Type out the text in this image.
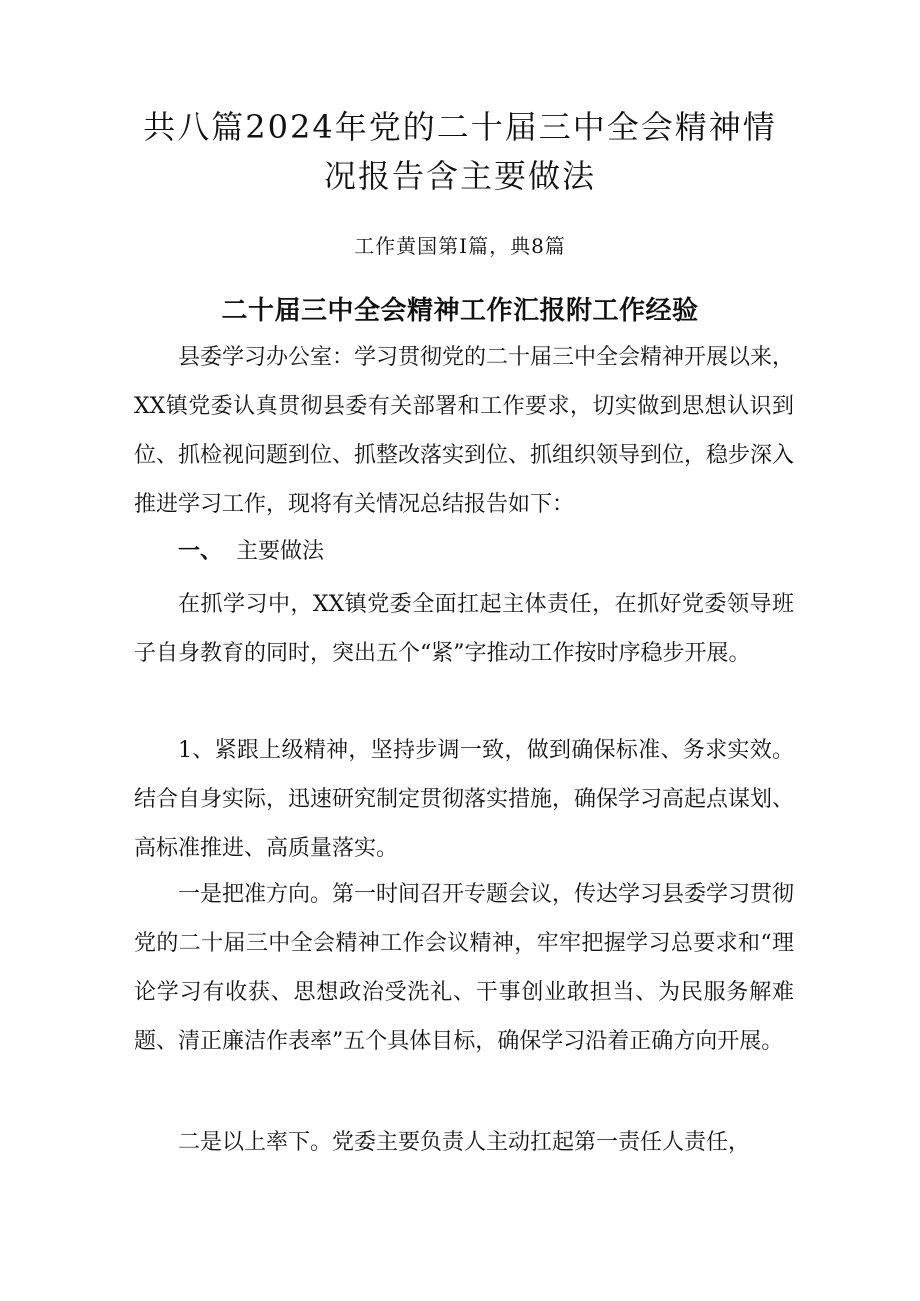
共八篇2024年党的二十届三中全会精神情
况报告含主要做法

工作黄国第Ⅰ篇，典8篇

二十届三中全会精神工作汇报附工作经验

县委学习办公室：学习贯彻党的二十届三中全会精神开展以来，XX镇党委认真贯彻县委有关部署和工作要求，切实做到思想认识到位、抓检视问题到位、抓整改落实到位、抓组织领导到位，稳步深入推进学习工作，现将有关情况总结报告如下：

一、 主要做法

在抓学习中，XX镇党委全面扛起主体责任，在抓好党委领导班子自身教育的同时，突出五个“紧”字推动工作按时序稳步开展。

1、紧跟上级精神，坚持步调一致，做到确保标准、务求实效。结合自身实际，迅速研究制定贯彻落实措施，确保学习高起点谋划、高标准推进、高质量落实。

一是把准方向。第一时间召开专题会议，传达学习县委学习贯彻党的二十届三中全会精神工作会议精神，牢牢把握学习总要求和“理论学习有收获、思想政治受洗礼、干事创业敢担当、为民服务解难题、清正廉洁作表率”五个具体目标，确保学习沿着正确方向开展。

二是以上率下。党委主要负责人主动扛起第一责任人责任，
